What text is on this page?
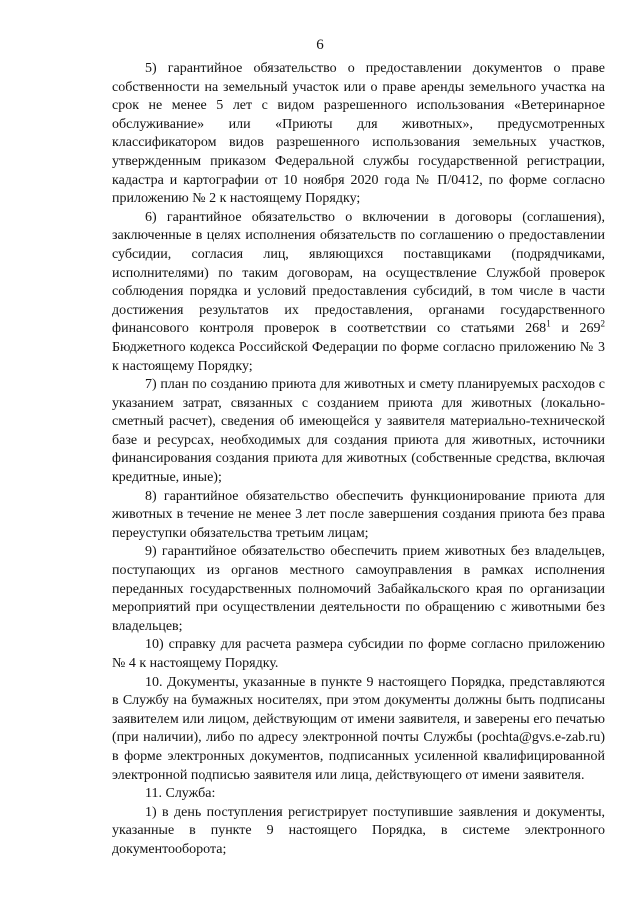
6

5) гарантийное обязательство о предоставлении документов о праве собственности на земельный участок или о праве аренды земельного участка на срок не менее 5 лет с видом разрешенного использования «Ветеринарное обслуживание» или «Приюты для животных», предусмотренных классификатором видов разрешенного использования земельных участков, утвержденным приказом Федеральной службы государственной регистрации, кадастра и картографии от 10 ноября 2020 года № П/0412, по форме согласно приложению № 2 к настоящему Порядку;

6) гарантийное обязательство о включении в договоры (соглашения), заключенные в целях исполнения обязательств по соглашению о предоставлении субсидии, согласия лиц, являющихся поставщиками (подрядчиками, исполнителями) по таким договорам, на осуществление Службой проверок соблюдения порядка и условий предоставления субсидий, в том числе в части достижения результатов их предоставления, органами государственного финансового контроля проверок в соответствии со статьями $268^1$ и $269^2$ Бюджетного кодекса Российской Федерации по форме согласно приложению № 3 к настоящему Порядку;

7) план по созданию приюта для животных и смету планируемых расходов с указанием затрат, связанных с созданием приюта для животных (локально-сметный расчет), сведения об имеющейся у заявителя материально-технической базе и ресурсах, необходимых для создания приюта для животных, источники финансирования создания приюта для животных (собственные средства, включая кредитные, иные);

8) гарантийное обязательство обеспечить функционирование приюта для животных в течение не менее 3 лет после завершения создания приюта без права переуступки обязательства третьим лицам;

9) гарантийное обязательство обеспечить прием животных без владельцев, поступающих из органов местного самоуправления в рамках исполнения переданных государственных полномочий Забайкальского края по организации мероприятий при осуществлении деятельности по обращению с животными без владельцев;

10) справку для расчета размера субсидии по форме согласно приложению № 4 к настоящему Порядку.

10. Документы, указанные в пункте 9 настоящего Порядка, представляются в Службу на бумажных носителях, при этом документы должны быть подписаны заявителем или лицом, действующим от имени заявителя, и заверены его печатью (при наличии), либо по адресу электронной почты Службы (pochta@gvs.e-zab.ru) в форме электронных документов, подписанных усиленной квалифицированной электронной подписью заявителя или лица, действующего от имени заявителя.

11. Служба:

1) в день поступления регистрирует поступившие заявления и документы, указанные в пункте 9 настоящего Порядка, в системе электронного документооборота;
